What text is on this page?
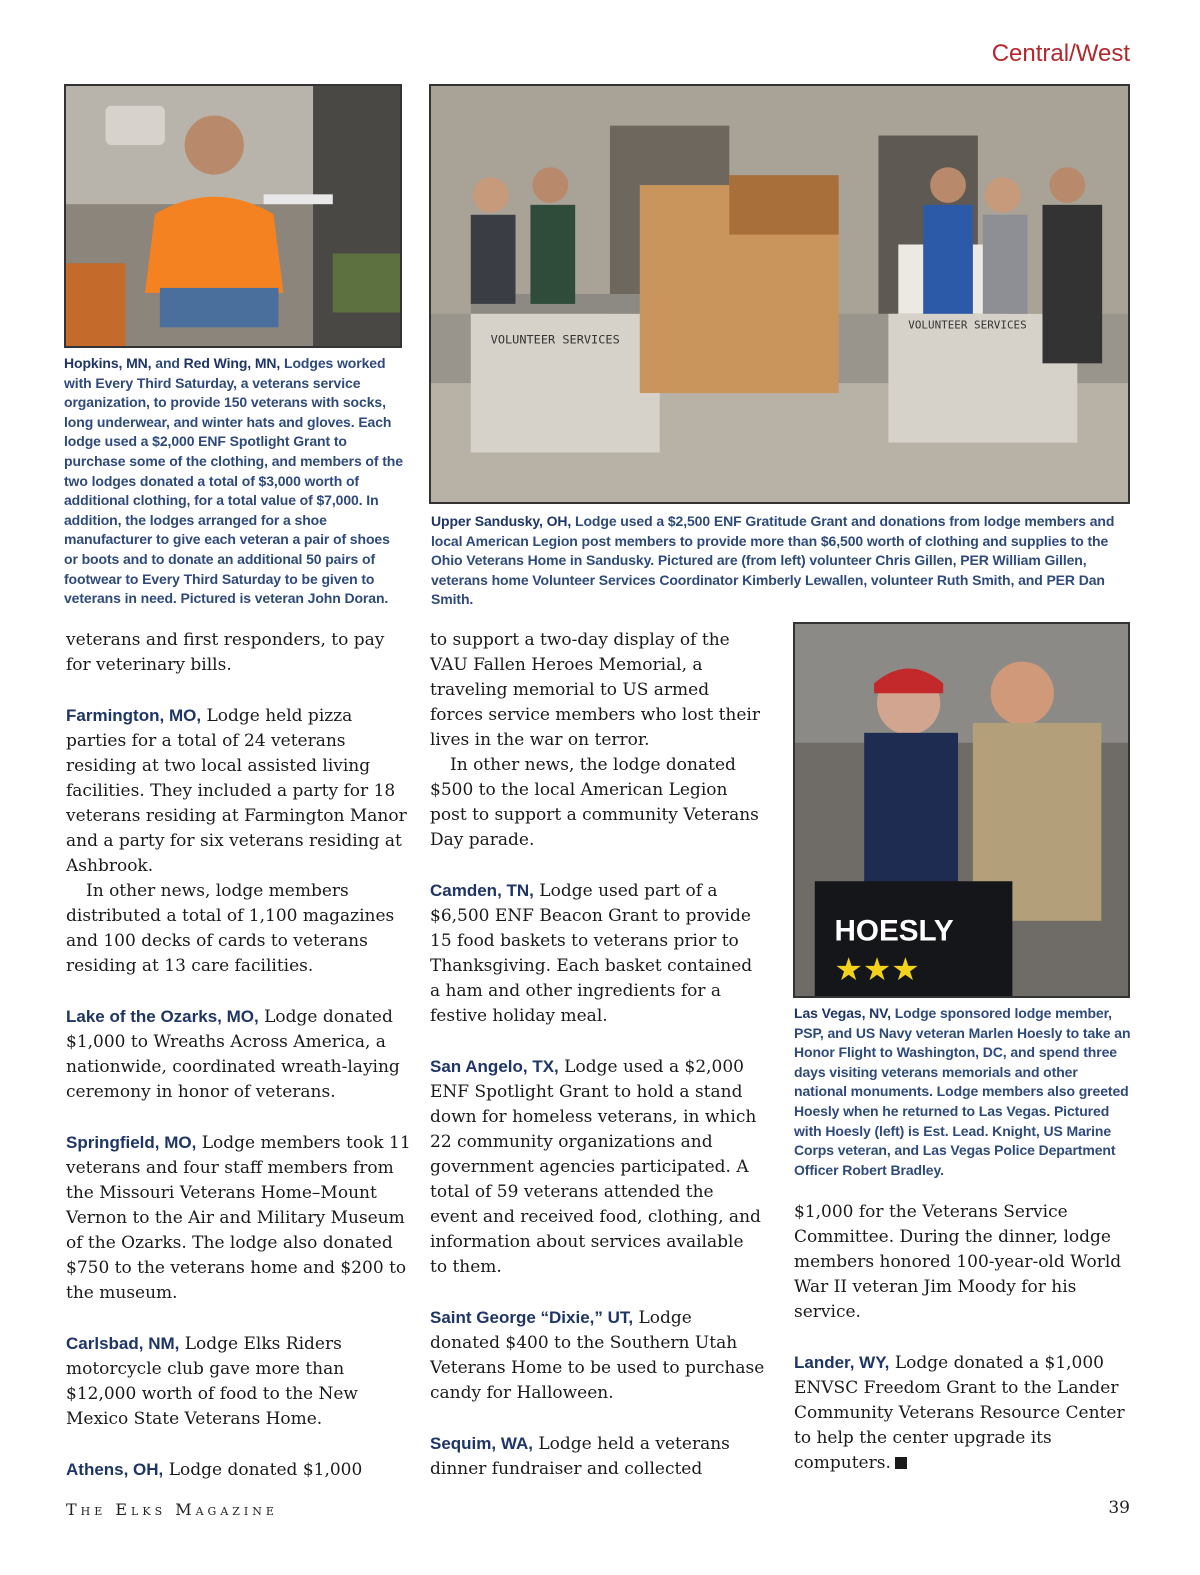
Central/West
VOLUNTEER SERVICES
VOLUNTEER SERVICES
HOESLY
★★★

Hopkins, MN, and Red Wing, MN, Lodges worked with Every Third Saturday, a veterans service organization, to provide 150 veterans with socks, long underwear, and winter hats and gloves. Each lodge used a $2,000 ENF Spotlight Grant to purchase some of the clothing, and members of the two lodges donated a total of $3,000 worth of additional clothing, for a total value of $7,000. In addition, the lodges arranged for a shoe manufacturer to give each veteran a pair of shoes or boots and to donate an additional 50 pairs of footwear to Every Third Saturday to be given to veterans in need. Pictured is veteran John Doran.

Upper Sandusky, OH, Lodge used a $2,500 ENF Gratitude Grant and donations from lodge members and local American Legion post members to provide more than $6,500 worth of clothing and supplies to the Ohio Veterans Home in Sandusky. Pictured are (from left) volunteer Chris Gillen, PER William Gillen, veterans home Volunteer Services Coordinator Kimberly Lewallen, volunteer Ruth Smith, and PER Dan Smith.

Las Vegas, NV, Lodge sponsored lodge member, PSP, and US Navy veteran Marlen Hoesly to take an Honor Flight to Washington, DC, and spend three days visiting veterans memorials and other national monuments. Lodge members also greeted Hoesly when he returned to Las Vegas. Pictured with Hoesly (left) is Est. Lead. Knight, US Marine Corps veteran, and Las Vegas Police Department Officer Robert Bradley.

veterans and first responders, to pay for veterinary bills.

Farmington, MO, Lodge held pizza parties for a total of 24 veterans residing at two local assisted living facilities. They included a party for 18 veterans residing at Farmington Manor and a party for six veterans residing at Ashbrook.

In other news, lodge members distributed a total of 1,100 magazines and 100 decks of cards to veterans residing at 13 care facilities.

Lake of the Ozarks, MO, Lodge donated $1,000 to Wreaths Across America, a nationwide, coordinated wreath-laying ceremony in honor of veterans.

Springfield, MO, Lodge members took 11 veterans and four staff members from the Missouri Veterans Home–Mount Vernon to the Air and Military Museum of the Ozarks. The lodge also donated $750 to the veterans home and $200 to the museum.

Carlsbad, NM, Lodge Elks Riders motorcycle club gave more than $12,000 worth of food to the New Mexico State Veterans Home.

Athens, OH, Lodge donated $1,000

to support a two-day display of the VAU Fallen Heroes Memorial, a traveling memorial to US armed forces service members who lost their lives in the war on terror.

In other news, the lodge donated $500 to the local American Legion post to support a community Veterans Day parade.

Camden, TN, Lodge used part of a $6,500 ENF Beacon Grant to provide 15 food baskets to veterans prior to Thanksgiving. Each basket contained a ham and other ingredients for a festive holiday meal.

San Angelo, TX, Lodge used a $2,000 ENF Spotlight Grant to hold a stand down for homeless veterans, in which 22 community organizations and government agencies participated. A total of 59 veterans attended the event and received food, clothing, and information about services available to them.

Saint George “Dixie,” UT, Lodge donated $400 to the Southern Utah Veterans Home to be used to purchase candy for Halloween.

Sequim, WA, Lodge held a veterans dinner fundraiser and collected

$1,000 for the Veterans Service Committee. During the dinner, lodge members honored 100-year-old World War II veteran Jim Moody for his service.

Lander, WY, Lodge donated a $1,000 ENVSC Freedom Grant to the Lander Community Veterans Resource Center to help the center upgrade its computers.

The Elks Magazine	39
